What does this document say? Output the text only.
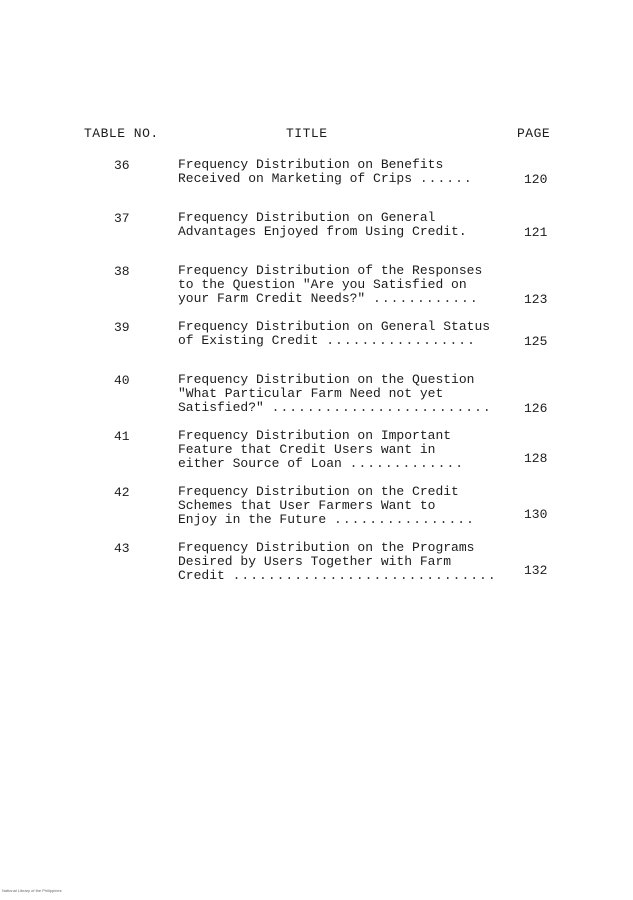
TABLE NO.	TITLE	PAGE
36	Frequency Distribution on Benefits
Received on Marketing of Crips ......	120
37	Frequency Distribution on General
Advantages Enjoyed from Using Credit.	121
38	Frequency Distribution of the Responses
to the Question "Are you Satisfied on
your Farm Credit Needs?" ............	123
39	Frequency Distribution on General Status
of Existing Credit .................	125
40	Frequency Distribution on the Question
"What Particular Farm Need not yet
Satisfied?" .........................	126
41	Frequency Distribution on Important
Feature that Credit Users want in
either Source of Loan .............	128
42	Frequency Distribution on the Credit
Schemes that User Farmers Want to
Enjoy in the Future ................	130
43	Frequency Distribution on the Programs
Desired by Users Together with Farm
Credit ..............................	132
National Library of the Philippines
